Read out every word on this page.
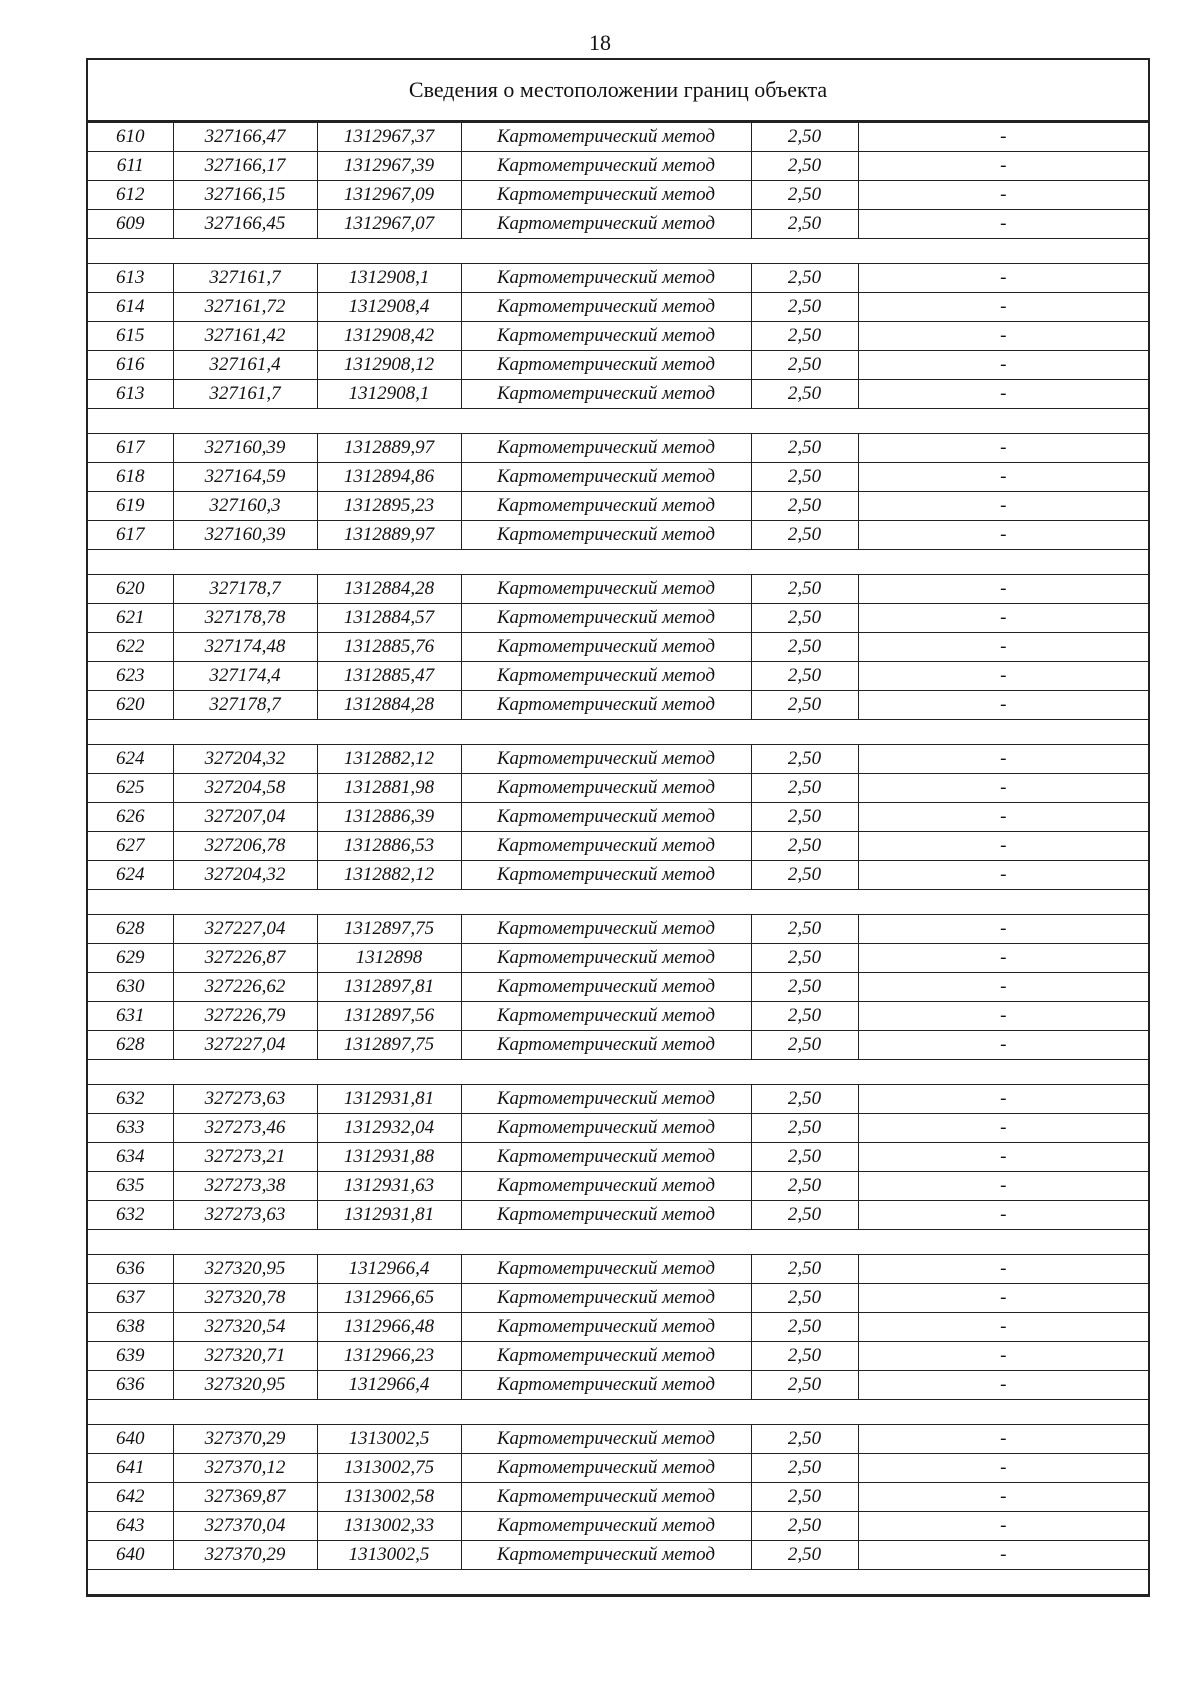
18
Сведения о местоположении границ объекта
610	327166,47	1312967,37	Картометрический метод	2,50	-
611	327166,17	1312967,39	Картометрический метод	2,50	-
612	327166,15	1312967,09	Картометрический метод	2,50	-
609	327166,45	1312967,07	Картометрический метод	2,50	-

613	327161,7	1312908,1	Картометрический метод	2,50	-
614	327161,72	1312908,4	Картометрический метод	2,50	-
615	327161,42	1312908,42	Картометрический метод	2,50	-
616	327161,4	1312908,12	Картометрический метод	2,50	-
613	327161,7	1312908,1	Картометрический метод	2,50	-

617	327160,39	1312889,97	Картометрический метод	2,50	-
618	327164,59	1312894,86	Картометрический метод	2,50	-
619	327160,3	1312895,23	Картометрический метод	2,50	-
617	327160,39	1312889,97	Картометрический метод	2,50	-

620	327178,7	1312884,28	Картометрический метод	2,50	-
621	327178,78	1312884,57	Картометрический метод	2,50	-
622	327174,48	1312885,76	Картометрический метод	2,50	-
623	327174,4	1312885,47	Картометрический метод	2,50	-
620	327178,7	1312884,28	Картометрический метод	2,50	-

624	327204,32	1312882,12	Картометрический метод	2,50	-
625	327204,58	1312881,98	Картометрический метод	2,50	-
626	327207,04	1312886,39	Картометрический метод	2,50	-
627	327206,78	1312886,53	Картометрический метод	2,50	-
624	327204,32	1312882,12	Картометрический метод	2,50	-

628	327227,04	1312897,75	Картометрический метод	2,50	-
629	327226,87	1312898	Картометрический метод	2,50	-
630	327226,62	1312897,81	Картометрический метод	2,50	-
631	327226,79	1312897,56	Картометрический метод	2,50	-
628	327227,04	1312897,75	Картометрический метод	2,50	-

632	327273,63	1312931,81	Картометрический метод	2,50	-
633	327273,46	1312932,04	Картометрический метод	2,50	-
634	327273,21	1312931,88	Картометрический метод	2,50	-
635	327273,38	1312931,63	Картометрический метод	2,50	-
632	327273,63	1312931,81	Картометрический метод	2,50	-

636	327320,95	1312966,4	Картометрический метод	2,50	-
637	327320,78	1312966,65	Картометрический метод	2,50	-
638	327320,54	1312966,48	Картометрический метод	2,50	-
639	327320,71	1312966,23	Картометрический метод	2,50	-
636	327320,95	1312966,4	Картометрический метод	2,50	-

640	327370,29	1313002,5	Картометрический метод	2,50	-
641	327370,12	1313002,75	Картометрический метод	2,50	-
642	327369,87	1313002,58	Картометрический метод	2,50	-
643	327370,04	1313002,33	Картометрический метод	2,50	-
640	327370,29	1313002,5	Картометрический метод	2,50	-
